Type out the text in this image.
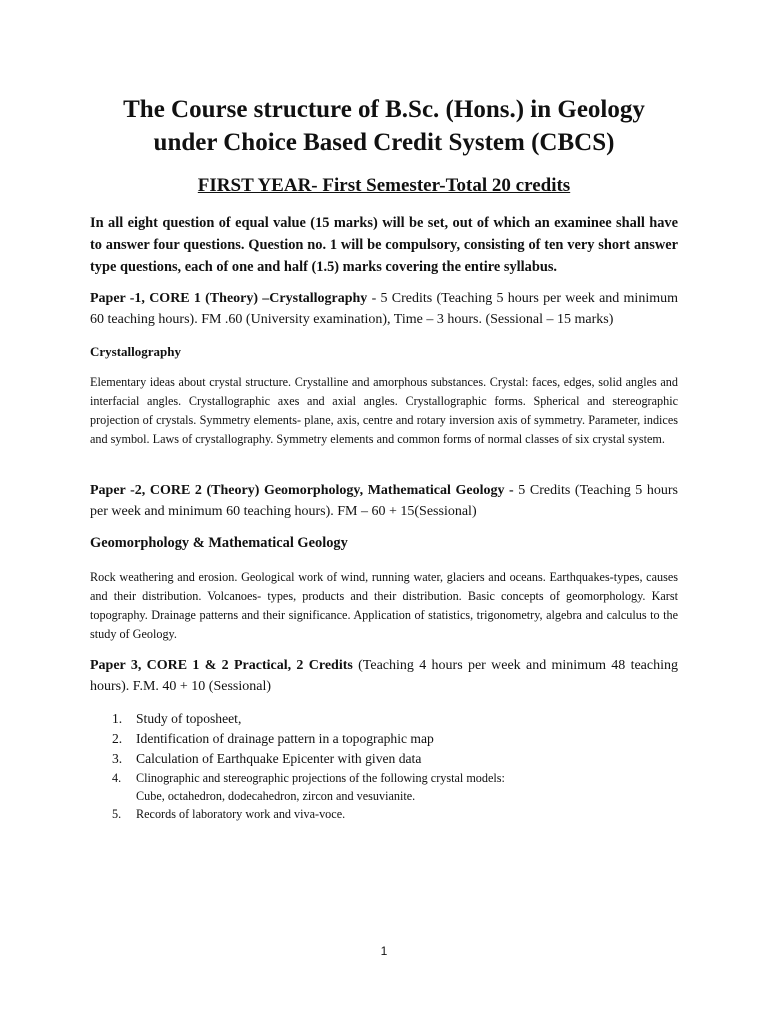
The Course structure of B.Sc. (Hons.) in Geology
under Choice Based Credit System (CBCS)
FIRST YEAR- First Semester-Total 20 credits

In all eight question of equal value (15 marks) will be set, out of which an examinee shall have to answer four questions. Question no. 1 will be compulsory, consisting of ten very short answer type questions, each of one and half (1.5) marks covering the entire syllabus.

Paper -1, CORE 1 (Theory) –Crystallography - 5 Credits (Teaching 5 hours per week and minimum 60 teaching hours). FM .60 (University examination), Time – 3 hours. (Sessional – 15 marks)

Crystallography

Elementary ideas about crystal structure. Crystalline and amorphous substances. Crystal: faces, edges, solid angles and interfacial angles. Crystallographic axes and axial angles. Crystallographic forms. Spherical and stereographic projection of crystals. Symmetry elements- plane, axis, centre and rotary inversion axis of symmetry. Parameter, indices and symbol. Laws of crystallography. Symmetry elements and common forms of normal classes of six crystal system.

Paper -2, CORE 2 (Theory) Geomorphology, Mathematical Geology - 5 Credits (Teaching 5 hours per week and minimum 60 teaching hours). FM – 60 + 15(Sessional)

Geomorphology & Mathematical Geology

Rock weathering and erosion. Geological work of wind, running water, glaciers and oceans. Earthquakes-types, causes and their distribution. Volcanoes- types, products and their distribution. Basic concepts of geomorphology. Karst topography. Drainage patterns and their significance. Application of statistics, trigonometry, algebra and calculus to the study of Geology.

Paper 3, CORE 1 & 2 Practical, 2 Credits (Teaching 4 hours per week and minimum 48 teaching hours). F.M. 40 + 10 (Sessional)

1. Study of toposheet,
2. Identification of drainage pattern in a topographic map
3. Calculation of Earthquake Epicenter with given data
4. Clinographic and stereographic projections of the following crystal models:
Cube, octahedron, dodecahedron, zircon and vesuvianite.
5. Records of laboratory work and viva-voce.

1
